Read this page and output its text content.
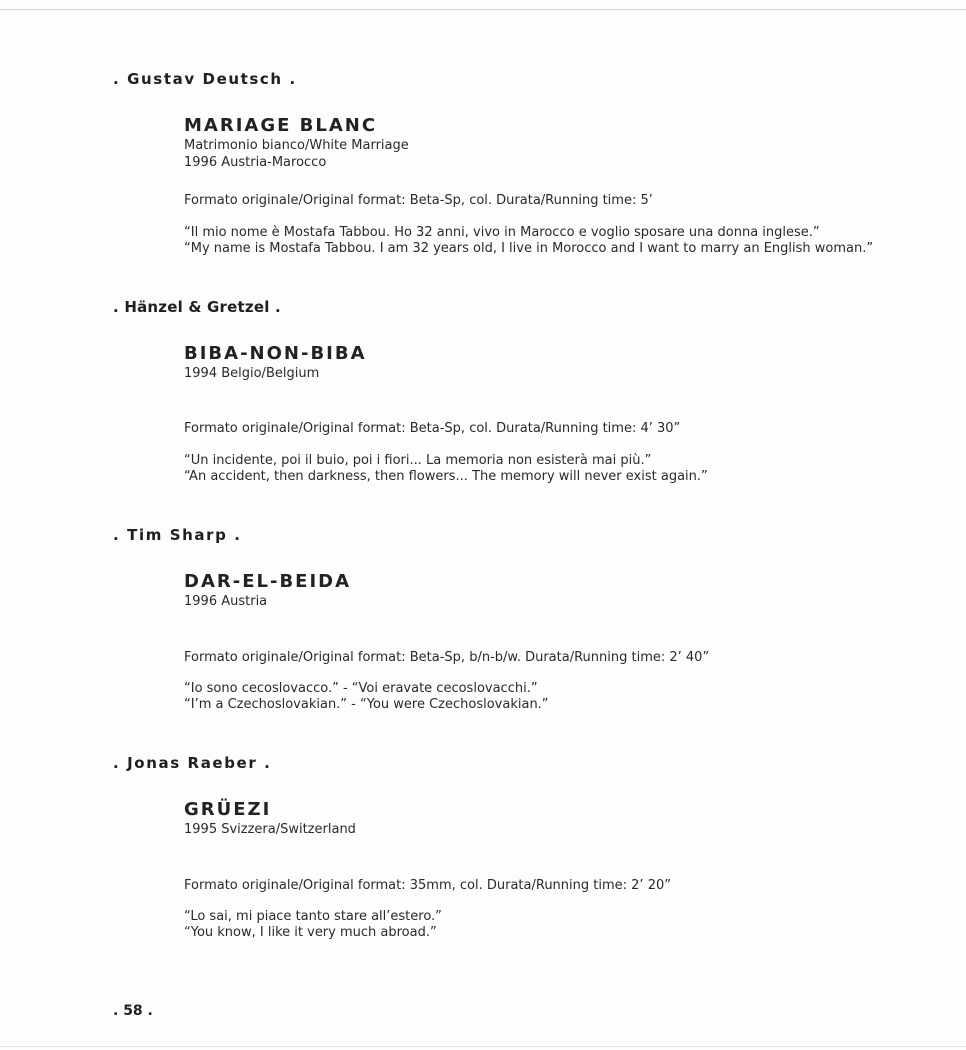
. Gustav Deutsch .
MARIAGE BLANC
Matrimonio bianco/White Marriage
1996 Austria-Marocco
Formato originale/Original format: Beta-Sp, col. Durata/Running time: 5’
“Il mio nome è Mostafa Tabbou. Ho 32 anni, vivo in Marocco e voglio sposare una donna inglese.”
“My name is Mostafa Tabbou. I am 32 years old, I live in Morocco and I want to marry an English woman.”
. Hänzel & Gretzel .
BIBA-NON-BIBA
1994 Belgio/Belgium
Formato originale/Original format: Beta-Sp, col. Durata/Running time: 4’ 30”
“Un incidente, poi il buio, poi i fiori... La memoria non esisterà mai più.”
“An accident, then darkness, then flowers... The memory will never exist again.”
. Tim Sharp .
DAR-EL-BEIDA
1996 Austria
Formato originale/Original format: Beta-Sp, b/n-b/w. Durata/Running time: 2’ 40”
“Io sono cecoslovacco.” - “Voi eravate cecoslovacchi.”
“I’m a Czechoslovakian.” - “You were Czechoslovakian.”
. Jonas Raeber .
GRÜEZI
1995 Svizzera/Switzerland
Formato originale/Original format: 35mm, col. Durata/Running time: 2’ 20”
“Lo sai, mi piace tanto stare all’estero.”
“You know, I like it very much abroad.”
. 58 .
